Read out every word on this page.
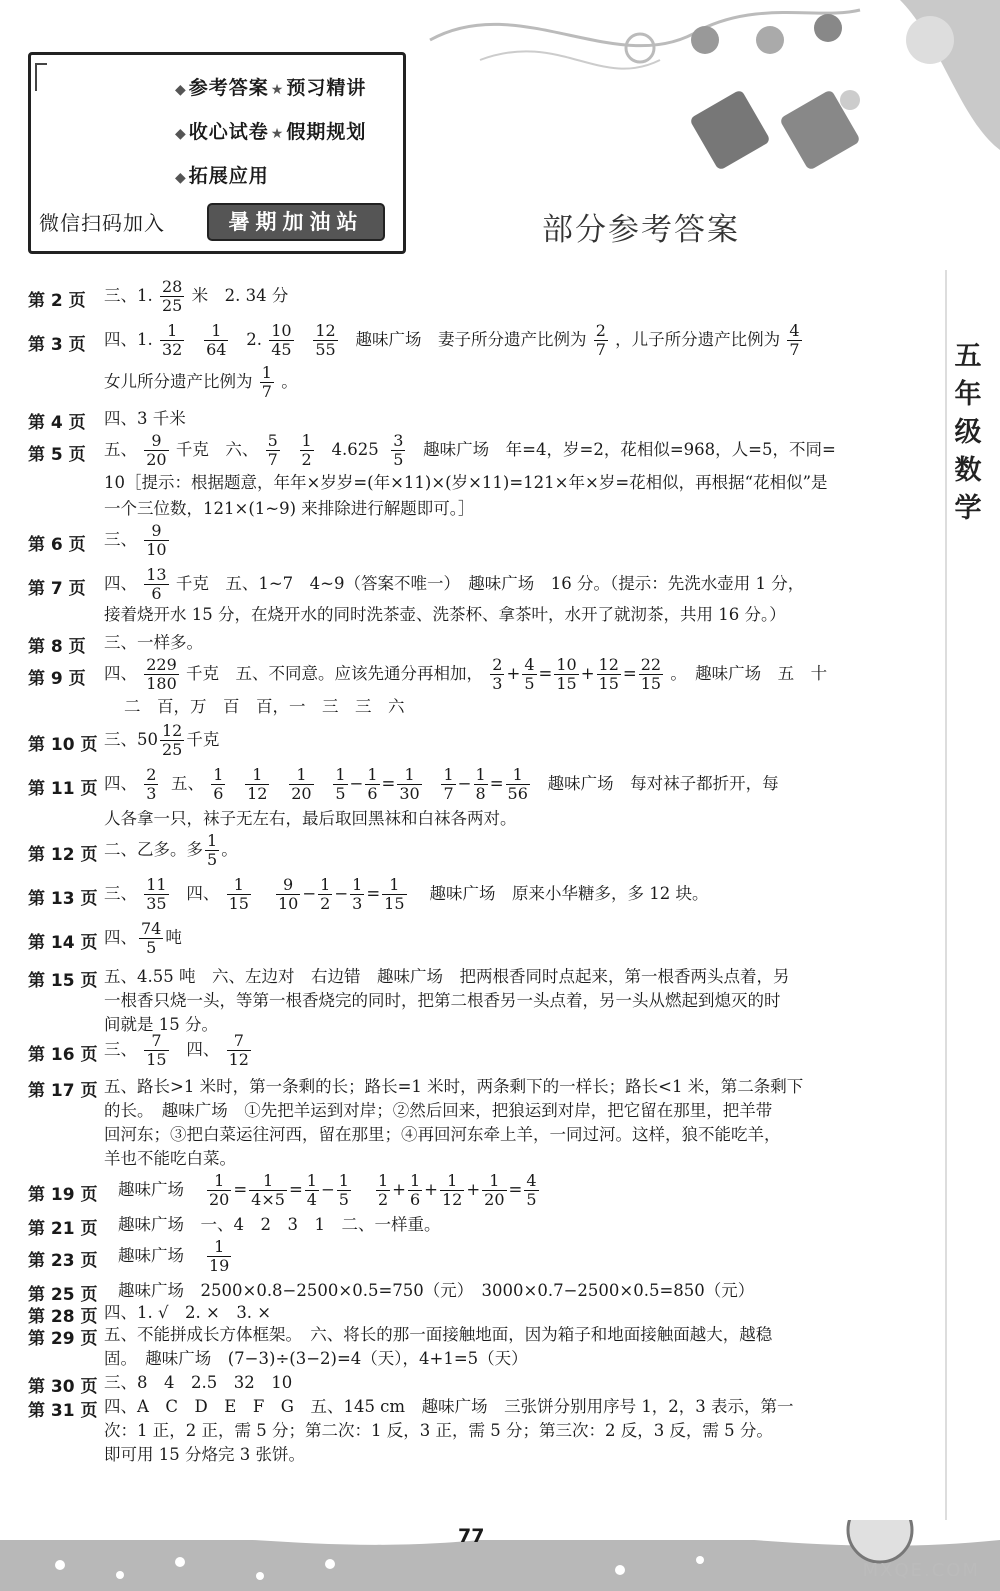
◆ 参考答案 ★ 预习精讲
◆ 收心试卷 ★ 假期规划
◆ 拓展应用
微信扫码加入	暑期加油站	部分参考答案
五
年
级
数
学
第 2 页 三、1. $\frac{28}{25}$ 米　2. 34 分
第 3 页 四、1. $\frac{1}{32}$
$\frac{1}{64} 2$. $\frac{10}{45}$
$\frac{12}{55}$ 趣味广场　妻子所分遗产比例为 $\frac{2}{7}$ ，儿子所分遗产比例为 $\frac{4}{7}$
女儿所分遗产比例为 $\frac{1}{7}$ 。
第 4 页 四、3 千米
第 5 页 五、 $\frac{9}{20}$ 千克　六、 $\frac{5}{7}$
$\frac{1}{2} 4.625 \frac{3}{5}$ 趣味广场　年=4，岁=2，花相似=968，人=5，不同=
10［提示：根据题意，年年×岁岁=(年×11)×(岁×11)=121×年×岁=花相似，再根据“花相似”是
一个三位数，121×(1~9) 来排除进行解题即可。］
第 6 页 三、 $\frac{9}{10}$
第 7 页 四、 $\frac{13}{6}$ 千克　五、1~7　4~9（答案不唯一）　趣味广场　16 分。（提示：先洗水壶用 1 分，
接着烧开水 15 分，在烧开水的同时洗茶壶、洗茶杯、拿茶叶，水开了就沏茶，共用 16 分。）
第 8 页 三、一样多。
第 9 页 四、 $\frac{229}{180}$ 千克　五、不同意。应该先通分再相加， $\frac{2}{3} + \frac{4}{5} = \frac{10}{15} + \frac{12}{15} = \frac{22}{15}$ 。　趣味广场　五　十
二　百，万　百　百，一　三　三　六
第 10 页 三、$50 \frac{12}{25}$ 千克
第 11 页 四、 $\frac{2}{3}$ 五、 $\frac{1}{6}$
$\frac{1}{12}$
$\frac{1}{20}$
$\frac{1}{5} - \frac{1}{6} = \frac{1}{30}$
$\frac{1}{7} - \frac{1}{8} = \frac{1}{56}$ 趣味广场　每对袜子都折开，每
人各拿一只，袜子无左右，最后取回黑袜和白袜各两对。
第 12 页 二、乙多。多 $\frac{1}{5}$ 。
第 13 页 三、 $\frac{11}{35}$ 四、 $\frac{1}{15}$
$\frac{9}{10} - \frac{1}{2} - \frac{1}{3} = \frac{1}{15}$ 趣味广场　原来小华糖多，多 12 块。
第 14 页 四、 $\frac{74}{5}$ 吨
第 15 页 五、4.55 吨　六、左边对　右边错　趣味广场　把两根香同时点起来，第一根香两头点着，另
一根香只烧一头，等第一根香烧完的同时，把第二根香另一头点着，另一头从燃起到熄灭的时
间就是 15 分。
第 16 页 三、 $\frac{7}{15}$ 四、 $\frac{7}{12}$
第 17 页 五、路长>1 米时，第一条剩的长；路长=1 米时，两条剩下的一样长；路长<1 米，第二条剩下
的长。　趣味广场　①先把羊运到对岸；②然后回来，把狼运到对岸，把它留在那里，把羊带
回河东；③把白菜运往河西，留在那里；④再回河东牵上羊，一同过河。这样，狼不能吃羊，
羊也不能吃白菜。
第 19 页 趣味广场 $\frac{1}{20} = \frac{1}{4\times 5} = \frac{1}{4} - \frac{1}{5}$
$\frac{1}{2} + \frac{1}{6} + \frac{1}{12} + \frac{1}{20} = \frac{4}{5}$
第 21 页 趣味广场　一、4　2　3　1　二、一样重。
第 23 页 趣味广场 $\frac{1}{19}$
第 25 页 趣味广场　2500×0.8−2500×0.5=750（元）　3000×0.7−2500×0.5=850（元）
第 28 页 四、1. √　2. ×　3. ×
第 29 页 五、不能拼成长方体框架。　六、将长的那一面接触地面，因为箱子和地面接触面越大，越稳
固。　趣味广场　(7−3)÷(3−2)=4（天），4+1=5（天）
第 30 页 三、8　4　2.5　32　10
第 31 页 四、A　C　D　E　F　G　五、145 cm　趣味广场　三张饼分别用序号 1，2，3 表示，第一
次：1 正，2 正，需 5 分；第二次：1 反，3 正，需 5 分；第三次：2 反，3 反，需 5 分。
即可用 15 分烙完 3 张饼。
77
MXQE.COM
